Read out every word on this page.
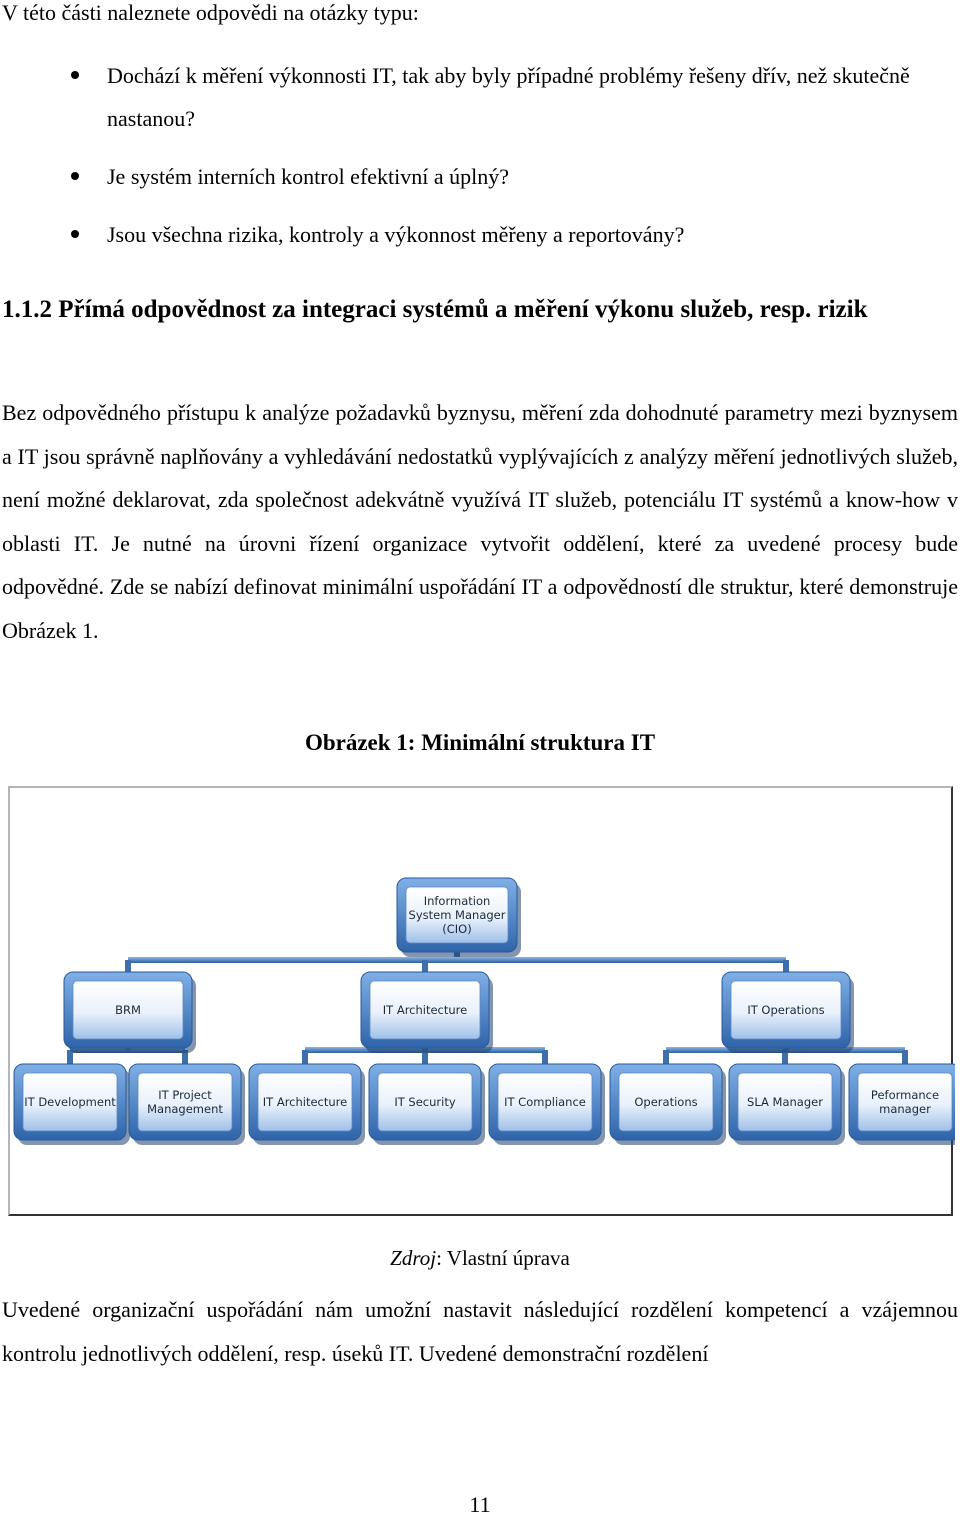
V této části naleznete odpovědi na otázky typu:
Dochází k měření výkonnosti IT, tak aby byly případné problémy řešeny dřív, než skutečně nastanou?
Je systém interních kontrol efektivní a úplný?
Jsou všechna rizika, kontroly a výkonnost měřeny a reportovány?
1.1.2 Přímá odpovědnost za integraci systémů a měření výkonu služeb, resp. rizik
Bez odpovědného přístupu k analýze požadavků byznysu, měření zda dohodnuté parametry mezi byznysem a IT jsou správně naplňovány a vyhledávání nedostatků vyplývajících z analýzy měření jednotlivých služeb, není možné deklarovat, zda společnost adekvátně využívá IT služeb, potenciálu IT systémů a know-how v oblasti IT. Je nutné na úrovni řízení organizace vytvořit oddělení, které za uvedené procesy bude odpovědné. Zde se nabízí definovat minimální uspořádání IT a odpovědností dle struktur, které demonstruje Obrázek 1.
Obrázek 1: Minimální struktura IT
Information
System Manager
(CIO)
BRM	IT Architecture	IT Operations
IT Development	IT Project
Management	IT Architecture	IT Security	IT Compliance	Operations	SLA Manager	Peformance
manager
Zdroj: Vlastní úprava
Uvedené organizační uspořádání nám umožní nastavit následující rozdělení kompetencí a vzájemnou kontrolu jednotlivých oddělení, resp. úseků IT. Uvedené demonstrační rozdělení
11
